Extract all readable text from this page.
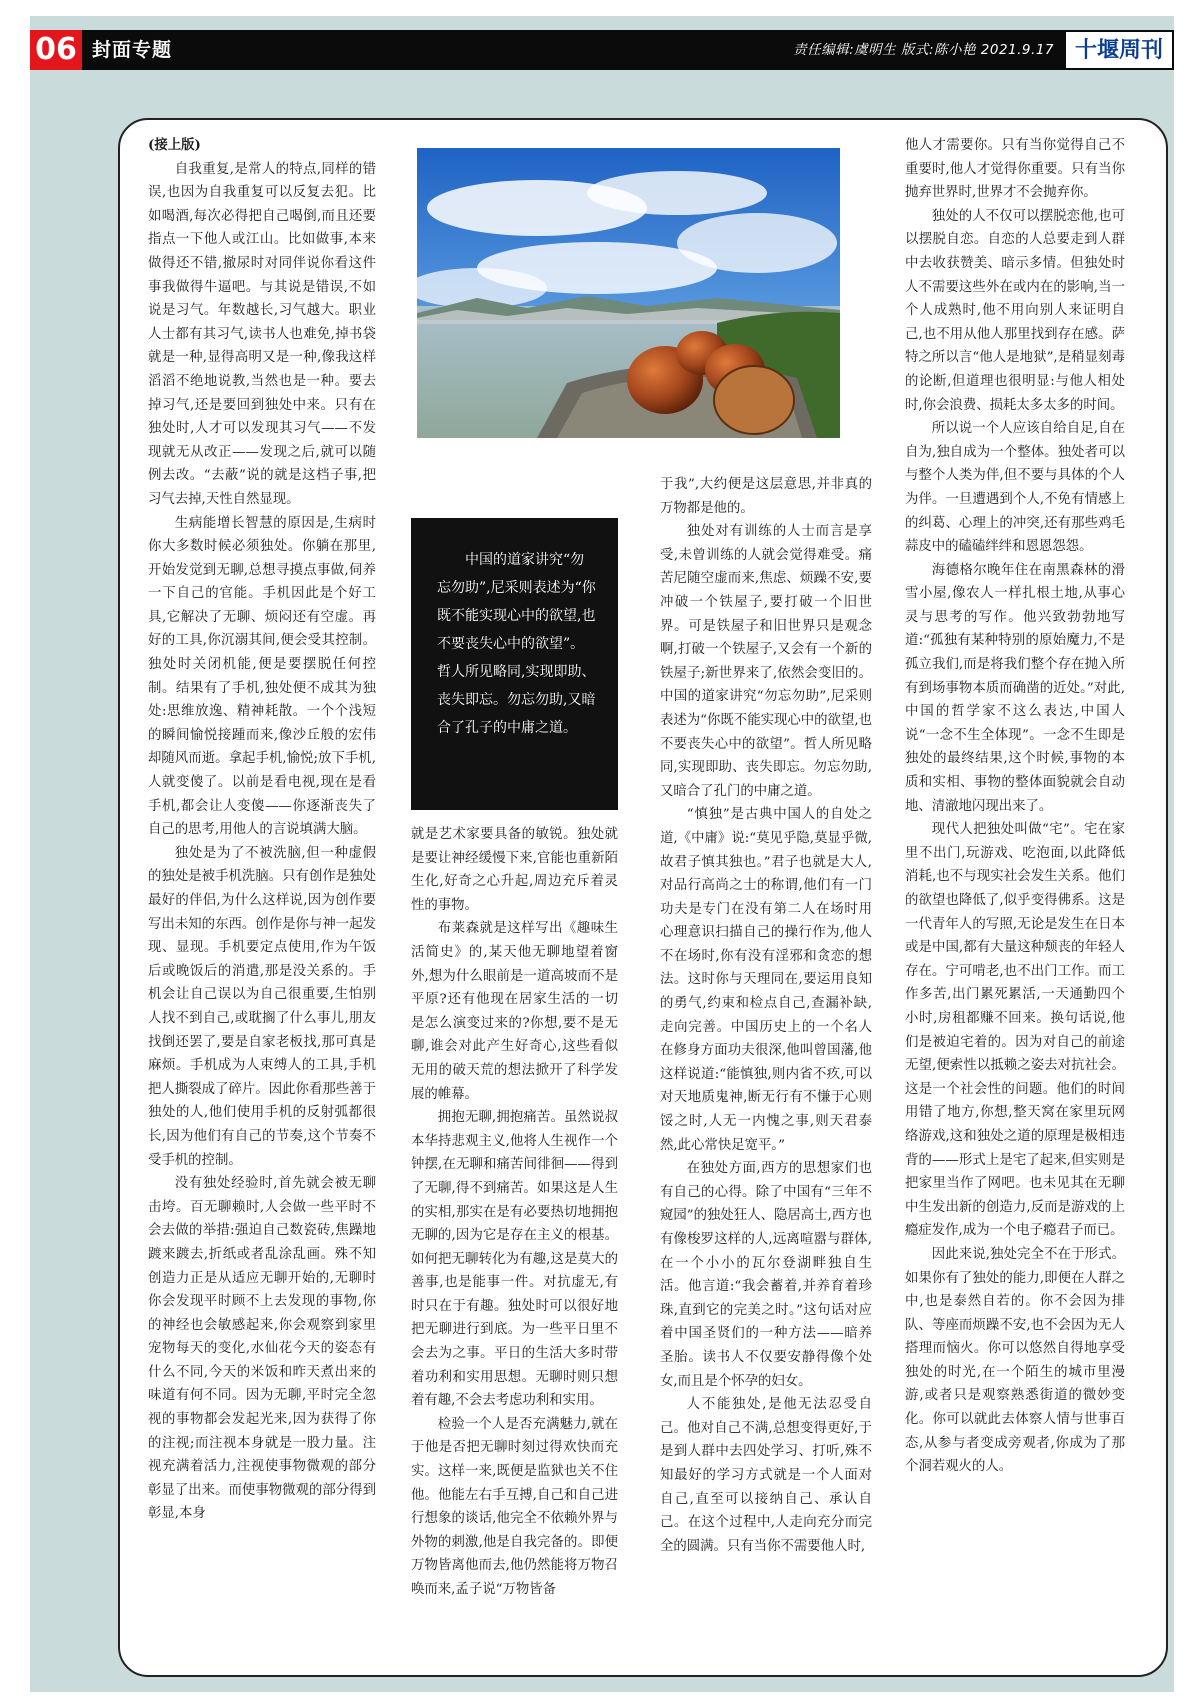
06 封面专题	责任编辑:虞明生 版式:陈小艳 2021.9.17 十堰周刊

(接上版)

自我重复,是常人的特点,同样的错误,也因为自我重复可以反复去犯。比如喝酒,每次必得把自己喝倒,而且还要指点一下他人或江山。比如做事,本来做得还不错,撤尿时对同伴说你看这件事我做得牛逼吧。与其说是错误,不如说是习气。年数越长,习气越大。职业人士都有其习气,读书人也难免,掉书袋就是一种,显得高明又是一种,像我这样滔滔不绝地说教,当然也是一种。要去掉习气,还是要回到独处中来。只有在独处时,人才可以发现其习气——不发现就无从改正——发现之后,就可以随例去改。“去蔽”说的就是这档子事,把习气去掉,天性自然显现。

生病能增长智慧的原因是,生病时你大多数时候必须独处。你躺在那里,开始发觉到无聊,总想寻摸点事做,伺养一下自己的官能。手机因此是个好工具,它解决了无聊、烦闷还有空虚。再好的工具,你沉溺其间,便会受其控制。独处时关闭机能,便是要摆脱任何控制。结果有了手机,独处便不成其为独处:思维放逸、精神耗散。一个个浅短的瞬间愉悦接踵而来,像沙丘般的宏伟却随风而逝。拿起手机,愉悦;放下手机,人就变傻了。以前是看电视,现在是看手机,都会让人变傻——你逐渐丧失了自己的思考,用他人的言说填满大脑。

独处是为了不被洗脑,但一种虚假的独处是被手机洗脑。只有创作是独处最好的伴侣,为什么这样说,因为创作要写出未知的东西。创作是你与神一起发现、显现。手机要定点使用,作为午饭后或晚饭后的消遣,那是没关系的。手机会让自己误以为自己很重要,生怕别人找不到自己,或耽搁了什么事儿,朋友找倒还罢了,要是自家老板找,那可真是麻烦。手机成为人束缚人的工具,手机把人撕裂成了碎片。因此你看那些善于独处的人,他们使用手机的反射弧都很长,因为他们有自己的节奏,这个节奏不受手机的控制。

没有独处经验时,首先就会被无聊击垮。百无聊赖时,人会做一些平时不会去做的举措:强迫自己数瓷砖,焦躁地踱来踱去,折纸或者乱涂乱画。殊不知创造力正是从适应无聊开始的,无聊时你会发现平时顾不上去发现的事物,你的神经也会敏感起来,你会观察到家里宠物每天的变化,水仙花今天的姿态有什么不同,今天的米饭和昨天煮出来的味道有何不同。因为无聊,平时完全忽视的事物都会发起光来,因为获得了你的注视;而注视本身就是一股力量。注视充满着活力,注视使事物微观的部分彰显了出来。而使事物微观的部分得到彰显,本身

中国的道家讲究“勿忘勿助”,尼采则表述为“你既不能实现心中的欲望,也不要丧失心中的欲望”。哲人所见略同,实现即助、丧失即忘。勿忘勿助,又暗合了孔子的中庸之道。

就是艺术家要具备的敏锐。独处就是要让神经缓慢下来,官能也重新陌生化,好奇之心升起,周边充斥着灵性的事物。

布莱森就是这样写出《趣味生活简史》的,某天他无聊地望着窗外,想为什么眼前是一道高坡而不是平原?还有他现在居家生活的一切是怎么演变过来的?你想,要不是无聊,谁会对此产生好奇心,这些看似无用的破天荒的想法掀开了科学发展的帷幕。

拥抱无聊,拥抱痛苦。虽然说叔本华持悲观主义,他将人生视作一个钟摆,在无聊和痛苦间徘徊——得到了无聊,得不到痛苦。如果这是人生的实相,那实在是有必要热切地拥抱无聊的,因为它是存在主义的根基。如何把无聊转化为有趣,这是莫大的善事,也是能事一件。对抗虚无,有时只在于有趣。独处时可以很好地把无聊进行到底。为一些平日里不会去为之事。平日的生活大多时带着功利和实用思想。无聊时则只想着有趣,不会去考虑功利和实用。

检验一个人是否充满魅力,就在于他是否把无聊时刻过得欢快而充实。这样一来,既便是监狱也关不住他。他能左右手互搏,自己和自己进行想象的谈话,他完全不依赖外界与外物的刺激,他是自我完备的。即便万物皆离他而去,他仍然能将万物召唤而来,孟子说“万物皆备

于我”,大约便是这层意思,并非真的万物都是他的。

独处对有训练的人士而言是享受,未曾训练的人就会觉得难受。痛苦尼随空虚而来,焦虑、烦躁不安,要冲破一个铁屋子,要打破一个旧世界。可是铁屋子和旧世界只是观念啊,打破一个铁屋子,又会有一个新的铁屋子;新世界来了,依然会变旧的。中国的道家讲究“勿忘勿助”,尼采则表述为“你既不能实现心中的欲望,也不要丧失心中的欲望”。哲人所见略同,实现即助、丧失即忘。勿忘勿助,又暗合了孔门的中庸之道。

“慎独”是古典中国人的自处之道,《中庸》说:“莫见乎隐,莫显乎微,故君子慎其独也。”君子也就是大人,对品行高尚之士的称谓,他们有一门功夫是专门在没有第二人在场时用心理意识扫描自己的操行作为,他人不在场时,你有没有淫邪和贪恋的想法。这时你与天理同在,要运用良知的勇气,约束和检点自己,查漏补缺,走向完善。中国历史上的一个名人在修身方面功夫很深,他叫曾国藩,他这样说道:“能慎独,则内省不疚,可以对天地质鬼神,断无行有不慊于心则馁之时,人无一内愧之事,则天君泰然,此心常快足宽平。”

在独处方面,西方的思想家们也有自己的心得。除了中国有“三年不窥园”的独处狂人、隐居高士,西方也有像梭罗这样的人,远离喧嚣与群体,在一个小小的瓦尔登湖畔独自生活。他言道:“我会蓄着,并养育着珍珠,直到它的完美之时。”这句话对应着中国圣贤们的一种方法——暗养圣胎。读书人不仅要安静得像个处女,而且是个怀孕的妇女。

人不能独处,是他无法忍受自己。他对自己不满,总想变得更好,于是到人群中去四处学习、打听,殊不知最好的学习方式就是一个人面对自己,直至可以接纳自己、承认自己。在这个过程中,人走向充分而完全的圆满。只有当你不需要他人时,

他人才需要你。只有当你觉得自己不重要时,他人才觉得你重要。只有当你抛弃世界时,世界才不会抛弃你。

独处的人不仅可以摆脱恋他,也可以摆脱自恋。自恋的人总要走到人群中去收获赞美、暗示多情。但独处时人不需要这些外在或内在的影响,当一个人成熟时,他不用向别人来证明自己,也不用从他人那里找到存在感。萨特之所以言“他人是地狱”,是稍显刻毒的论断,但道理也很明显:与他人相处时,你会浪费、损耗太多太多的时间。

所以说一个人应该自给自足,自在自为,独自成为一个整体。独处者可以与整个人类为伴,但不要与具体的个人为伴。一旦遭遇到个人,不免有情感上的纠葛、心理上的冲突,还有那些鸡毛蒜皮中的磕磕绊绊和恩恩怨怨。

海德格尔晚年住在南黑森林的滑雪小屋,像农人一样扎根土地,从事心灵与思考的写作。他兴致勃勃地写道:“孤独有某种特别的原始魔力,不是孤立我们,而是将我们整个存在抛入所有到场事物本质而确凿的近处。”对此,中国的哲学家不这么表达,中国人说“一念不生全体现”。一念不生即是独处的最终结果,这个时候,事物的本质和实相、事物的整体面貌就会自动地、清澈地闪现出来了。

现代人把独处叫做“宅”。宅在家里不出门,玩游戏、吃泡面,以此降低消耗,也不与现实社会发生关系。他们的欲望也降低了,似乎变得佛系。这是一代青年人的写照,无论是发生在日本或是中国,都有大量这种颓丧的年轻人存在。宁可啃老,也不出门工作。而工作多苦,出门累死累活,一天通勤四个小时,房租都赚不回来。换句话说,他们是被迫宅着的。因为对自己的前途无望,便索性以抵赖之姿去对抗社会。这是一个社会性的问题。他们的时间用错了地方,你想,整天窝在家里玩网络游戏,这和独处之道的原理是极相违背的——形式上是宅了起来,但实则是把家里当作了网吧。也未见其在无聊中生发出新的创造力,反而是游戏的上瘾症发作,成为一个电子瘾君子而已。

因此来说,独处完全不在于形式。如果你有了独处的能力,即便在人群之中,也是泰然自若的。你不会因为排队、等座而烦躁不安,也不会因为无人搭理而恼火。你可以悠然自得地享受独处的时光,在一个陌生的城市里漫游,或者只是观察熟悉街道的微妙变化。你可以就此去体察人情与世事百态,从参与者变成旁观者,你成为了那个洞若观火的人。
